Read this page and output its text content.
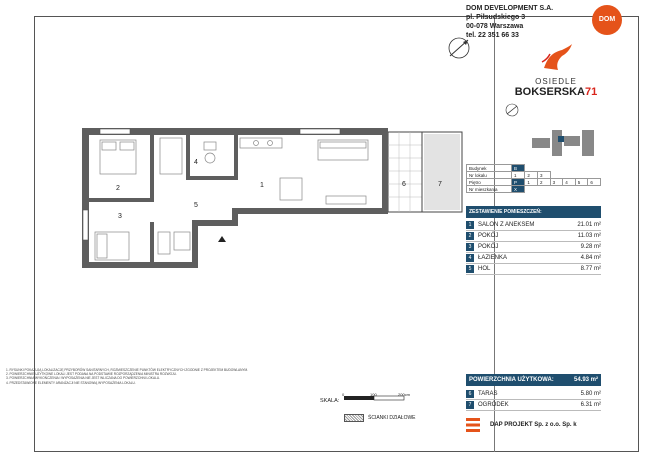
1
2
3
4
5
6	7
DOM DEVELOPMENT S.A.
pl. Piłsudskiego 3
00-078 Warszawa
tel. 22 351 66 33
DOM
OSIEDLE
BOKSERSKA71
Budynek	B						
Nr lokalu	1	2	3				
Piętro	P	1	2	3	4	5	6
Nr mieszkania	X						
ZESTAWIENIE POMIESZCZEŃ:
1	SALON Z ANEKSEM	21.01 m²
2	POKÓJ	11.03 m²
3	POKÓJ	9.28 m²
4	ŁAZIENKA	4.84 m²
5	HOL	8.77 m²
POWIERZCHNIA UŻYTKOWA:	54.93 m²
6	TARAS	5.80 m²
7	OGRÓDEK	6.31 m²
DAP PROJEKT Sp. z o.o. Sp. k
1. RYSUNKI POKAZUJĄ LOKALIZACJĘ PRZYBORÓW SANITARNYCH, ROZMIESZCZENIE PUNKTÓW ELEKTRYCZNYCH ZGODNIE Z PROJEKTEM BUDOWLANYM.
2. POWIERZCHNIE UŻYTKOWE LOKALI JEST PODANA NA PODSTAWIE ROZPORZĄDZENIA MINISTRA ROZWOJU.
3. POWIERZCHNIA WYKOŃCZENIA I WYPOSAŻENIA NIE JEST WLICZANA DO POWIERZCHNI LOKALU.
4. PRZEDSTAWIONE ELEMENTY ARANŻACJI NIE STANOWIĄ WYPOSAŻENIA LOKALU.
SKALA:
0	100	200cm
ŚCIANKI DZIAŁOWE
